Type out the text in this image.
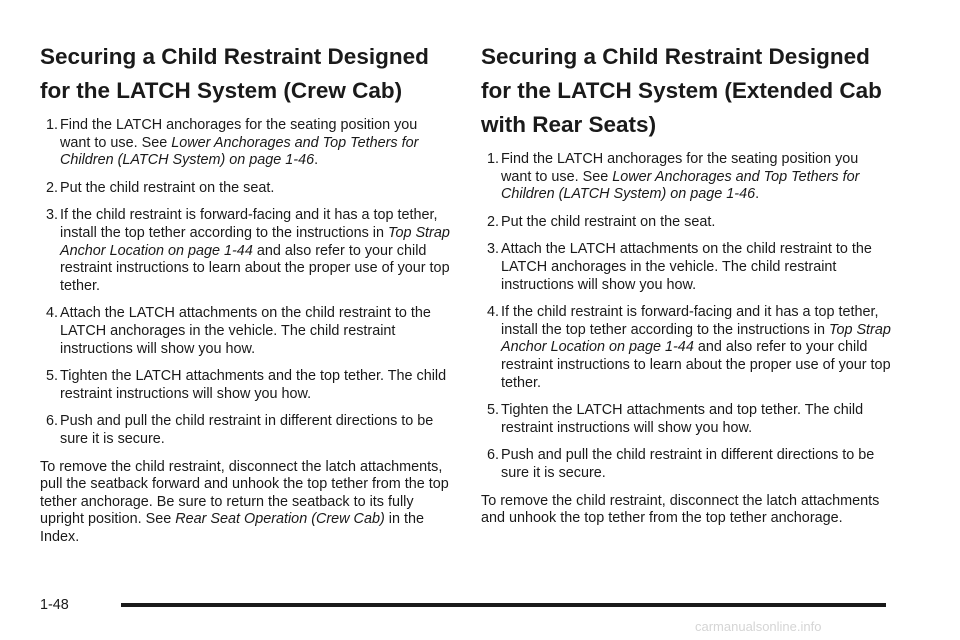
Securing a Child Restraint Designed for the LATCH System (Crew Cab)
1. Find the LATCH anchorages for the seating position you want to use. See Lower Anchorages and Top Tethers for Children (LATCH System) on page 1-46.
2. Put the child restraint on the seat.
3. If the child restraint is forward-facing and it has a top tether, install the top tether according to the instructions in Top Strap Anchor Location on page 1-44 and also refer to your child restraint instructions to learn about the proper use of your top tether.
4. Attach the LATCH attachments on the child restraint to the LATCH anchorages in the vehicle. The child restraint instructions will show you how.
5. Tighten the LATCH attachments and the top tether. The child restraint instructions will show you how.
6. Push and pull the child restraint in different directions to be sure it is secure.

To remove the child restraint, disconnect the latch attachments, pull the seatback forward and unhook the top tether from the top tether anchorage. Be sure to return the seatback to its fully upright position. See Rear Seat Operation (Crew Cab) in the Index.

Securing a Child Restraint Designed for the LATCH System (Extended Cab with Rear Seats)
1. Find the LATCH anchorages for the seating position you want to use. See Lower Anchorages and Top Tethers for Children (LATCH System) on page 1-46.
2. Put the child restraint on the seat.
3. Attach the LATCH attachments on the child restraint to the LATCH anchorages in the vehicle. The child restraint instructions will show you how.
4. If the child restraint is forward-facing and it has a top tether, install the top tether according to the instructions in Top Strap Anchor Location on page 1-44 and also refer to your child restraint instructions to learn about the proper use of your top tether.
5. Tighten the LATCH attachments and top tether. The child restraint instructions will show you how.
6. Push and pull the child restraint in different directions to be sure it is secure.

To remove the child restraint, disconnect the latch attachments and unhook the top tether from the top tether anchorage.

1-48
carmanualsonline.info
